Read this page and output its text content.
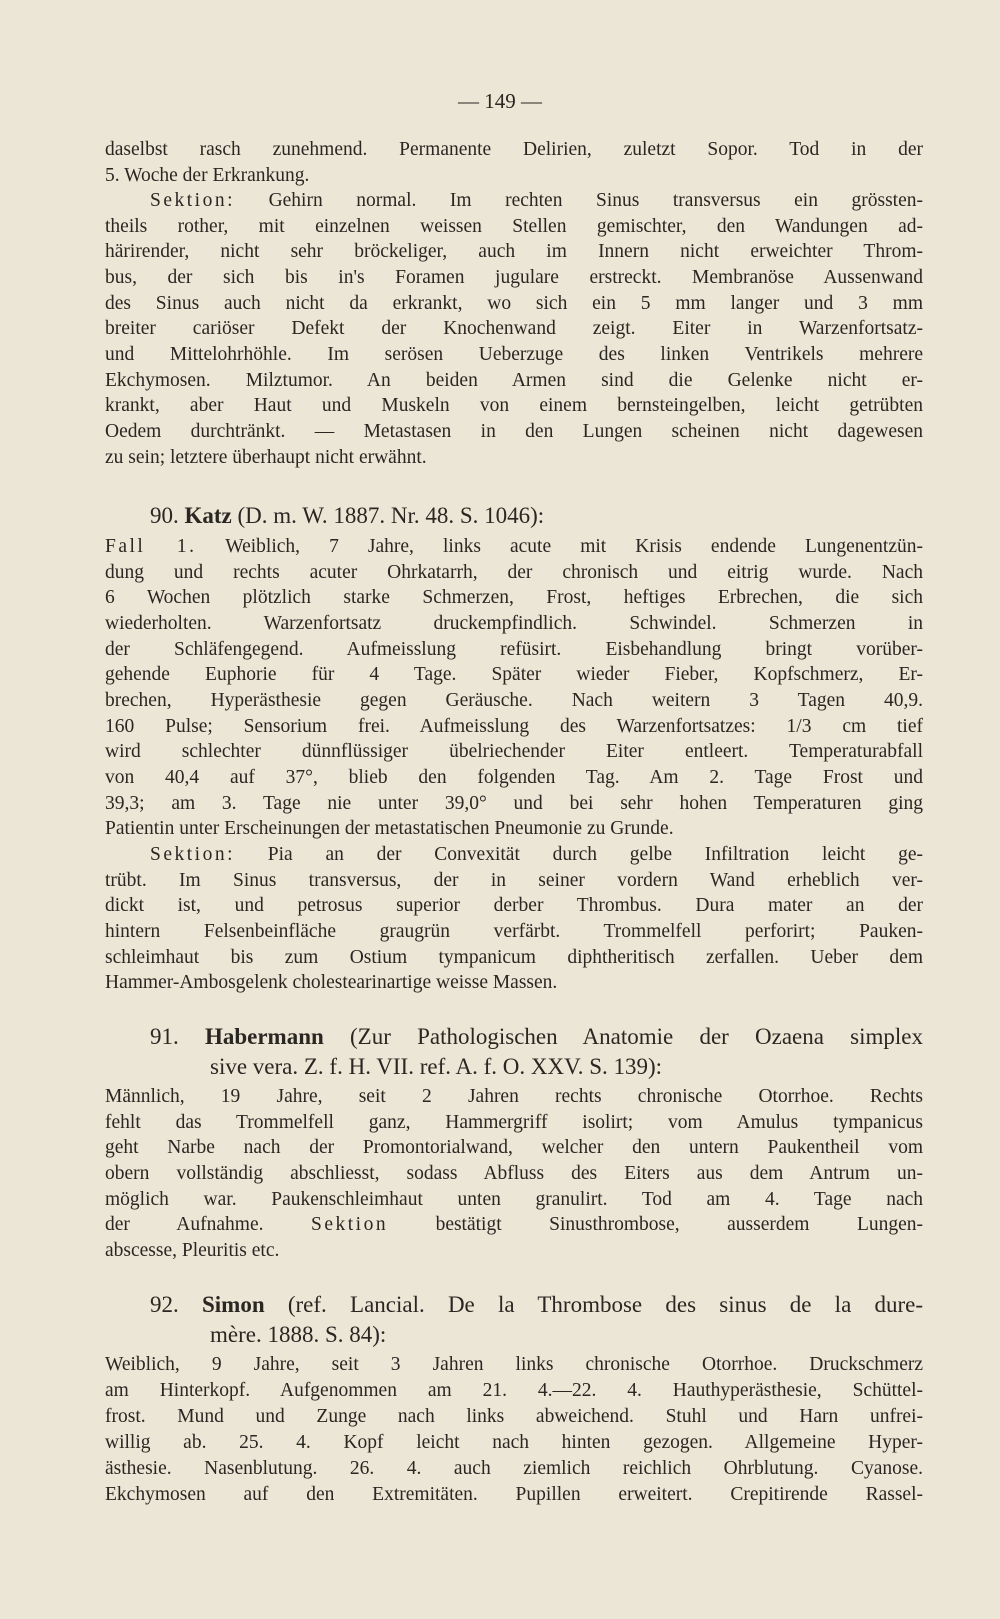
— 149 —
daselbst rasch zunehmend. Permanente Delirien, zuletzt Sopor. Tod in der
5. Woche der Erkrankung.
Sektion: Gehirn normal. Im rechten Sinus transversus ein grössten-
theils rother, mit einzelnen weissen Stellen gemischter, den Wandungen ad-
härirender, nicht sehr bröckeliger, auch im Innern nicht erweichter Throm-
bus, der sich bis in's Foramen jugulare erstreckt. Membranöse Aussenwand
des Sinus auch nicht da erkrankt, wo sich ein 5 mm langer und 3 mm
breiter cariöser Defekt der Knochenwand zeigt. Eiter in Warzenfortsatz-
und Mittelohrhöhle. Im serösen Ueberzuge des linken Ventrikels mehrere
Ekchymosen. Milztumor. An beiden Armen sind die Gelenke nicht er-
krankt, aber Haut und Muskeln von einem bernsteingelben, leicht getrübten
Oedem durchtränkt. — Metastasen in den Lungen scheinen nicht dagewesen
zu sein; letztere überhaupt nicht erwähnt.
90. Katz (D. m. W. 1887. Nr. 48. S. 1046):
Fall 1. Weiblich, 7 Jahre, links acute mit Krisis endende Lungenentzün-
dung und rechts acuter Ohrkatarrh, der chronisch und eitrig wurde. Nach
6 Wochen plötzlich starke Schmerzen, Frost, heftiges Erbrechen, die sich
wiederholten. Warzenfortsatz druckempfindlich. Schwindel. Schmerzen in
der Schläfengegend. Aufmeisslung refüsirt. Eisbehandlung bringt vorüber-
gehende Euphorie für 4 Tage. Später wieder Fieber, Kopfschmerz, Er-
brechen, Hyperästhesie gegen Geräusche. Nach weitern 3 Tagen 40,9.
160 Pulse; Sensorium frei. Aufmeisslung des Warzenfortsatzes: 1/3 cm tief
wird schlechter dünnflüssiger übelriechender Eiter entleert. Temperaturabfall
von 40,4 auf 37°, blieb den folgenden Tag. Am 2. Tage Frost und
39,3; am 3. Tage nie unter 39,0° und bei sehr hohen Temperaturen ging
Patientin unter Erscheinungen der metastatischen Pneumonie zu Grunde.
Sektion: Pia an der Convexität durch gelbe Infiltration leicht ge-
trübt. Im Sinus transversus, der in seiner vordern Wand erheblich ver-
dickt ist, und petrosus superior derber Thrombus. Dura mater an der
hintern Felsenbeinfläche graugrün verfärbt. Trommelfell perforirt; Pauken-
schleimhaut bis zum Ostium tympanicum diphtheritisch zerfallen. Ueber dem
Hammer-Ambosgelenk cholestearinartige weisse Massen.
91. Habermann (Zur Pathologischen Anatomie der Ozaena simplex
sive vera. Z. f. H. VII. ref. A. f. O. XXV. S. 139):
Männlich, 19 Jahre, seit 2 Jahren rechts chronische Otorrhoe. Rechts
fehlt das Trommelfell ganz, Hammergriff isolirt; vom Amulus tympanicus
geht Narbe nach der Promontorialwand, welcher den untern Paukentheil vom
obern vollständig abschliesst, sodass Abfluss des Eiters aus dem Antrum un-
möglich war. Paukenschleimhaut unten granulirt. Tod am 4. Tage nach
der Aufnahme. Sektion bestätigt Sinusthrombose, ausserdem Lungen-
abscesse, Pleuritis etc.
92. Simon (ref. Lancial. De la Thrombose des sinus de la dure-
mère. 1888. S. 84):
Weiblich, 9 Jahre, seit 3 Jahren links chronische Otorrhoe. Druckschmerz
am Hinterkopf. Aufgenommen am 21. 4.—22. 4. Hauthyperästhesie, Schüttel-
frost. Mund und Zunge nach links abweichend. Stuhl und Harn unfrei-
willig ab. 25. 4. Kopf leicht nach hinten gezogen. Allgemeine Hyper-
ästhesie. Nasenblutung. 26. 4. auch ziemlich reichlich Ohrblutung. Cyanose.
Ekchymosen auf den Extremitäten. Pupillen erweitert. Crepitirende Rassel-
